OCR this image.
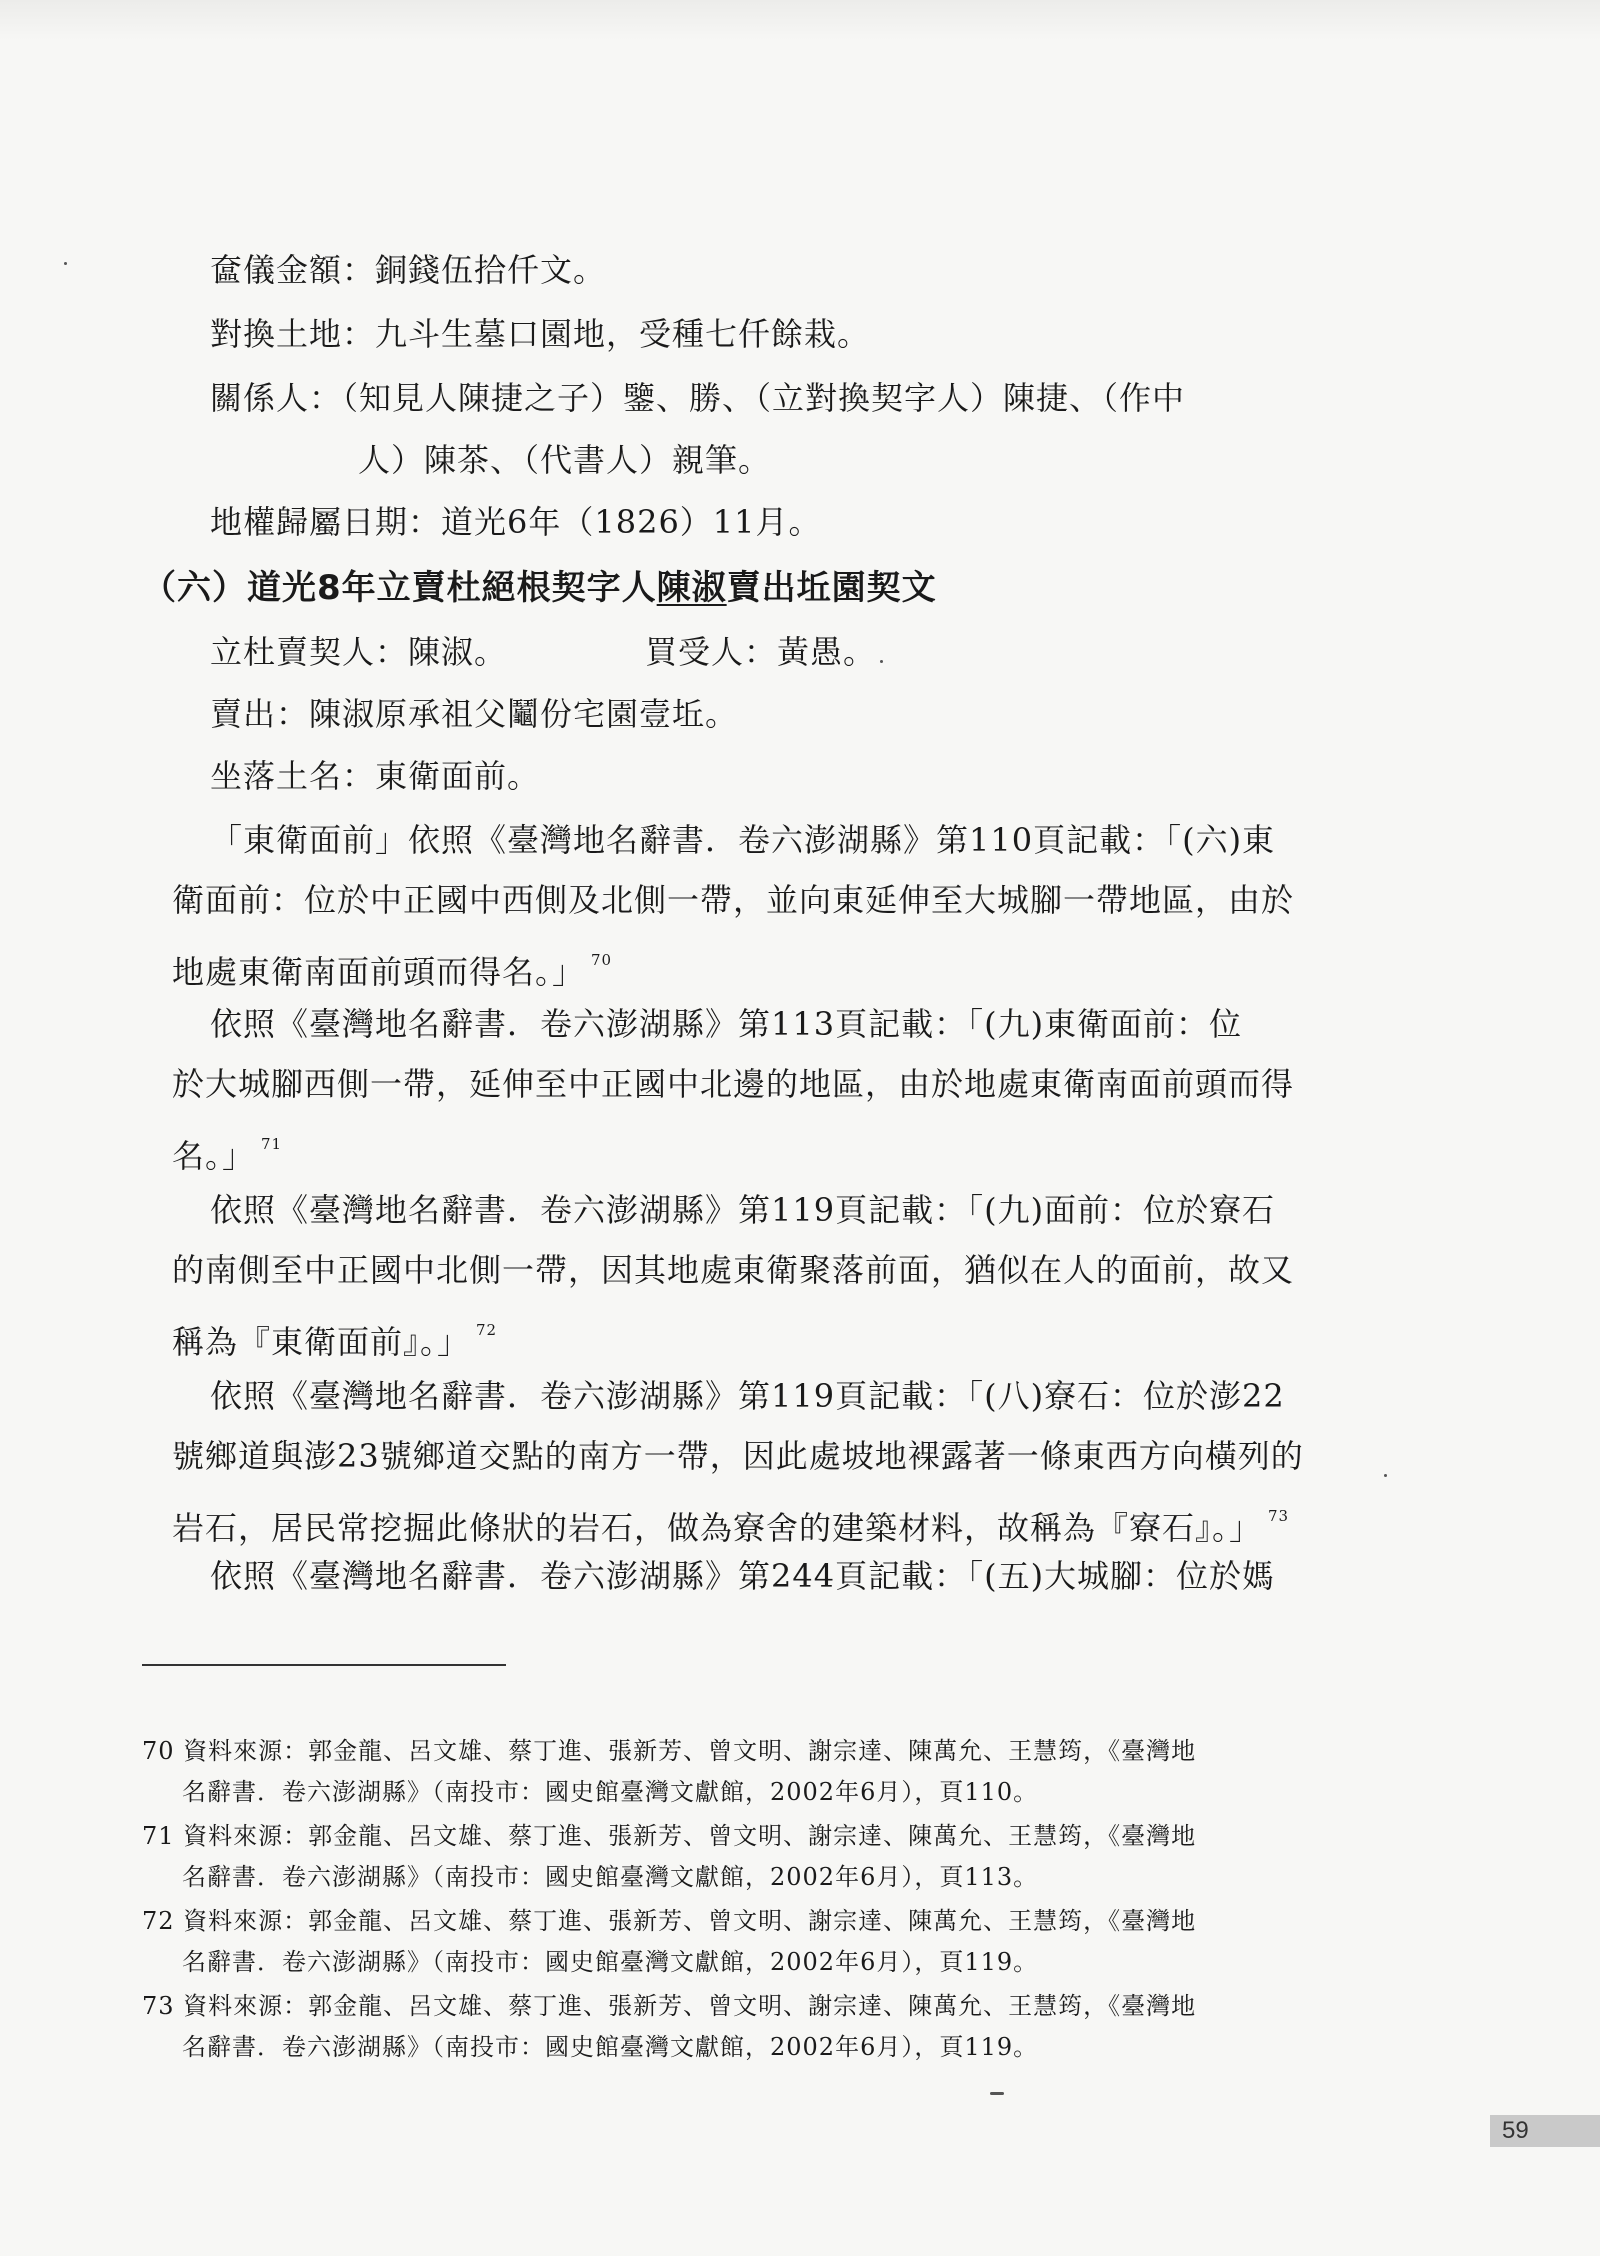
奩儀金額：銅錢伍拾仟文。
對換土地：九斗生墓口園地，受種七仟餘栽。
關係人：（知見人陳捷之子）鑒、勝、（立對換契字人）陳捷、（作中
人）陳茶、（代書人）親筆。
地權歸屬日期：道光6年（1826）11月。
（六）道光8年立賣杜絕根契字人陳淑賣出坵園契文
立杜賣契人：陳淑。	買受人：黃愚。
賣出：陳淑原承祖父鬮份宅園壹坵。
坐落土名：東衛面前。
「東衛面前」依照《臺灣地名辭書．卷六澎湖縣》第110頁記載：「(六)東
衛面前：位於中正國中西側及北側一帶，並向東延伸至大城腳一帶地區，由於
地處東衛南面前頭而得名。」 $^{70}$
依照《臺灣地名辭書．卷六澎湖縣》第113頁記載：「(九)東衛面前：位
於大城腳西側一帶，延伸至中正國中北邊的地區，由於地處東衛南面前頭而得
名。」 $^{71}$
依照《臺灣地名辭書．卷六澎湖縣》第119頁記載：「(九)面前：位於寮石
的南側至中正國中北側一帶，因其地處東衛聚落前面，猶似在人的面前，故又
稱為『東衛面前』。」 $^{72}$
依照《臺灣地名辭書．卷六澎湖縣》第119頁記載：「(八)寮石：位於澎22
號鄉道與澎23號鄉道交點的南方一帶，因此處坡地裸露著一條東西方向橫列的
岩石，居民常挖掘此條狀的岩石，做為寮舍的建築材料，故稱為『寮石』。」 $^{73}$
依照《臺灣地名辭書．卷六澎湖縣》第244頁記載：「(五)大城腳：位於媽
70 資料來源：郭金龍、呂文雄、蔡丁進、張新芳、曾文明、謝宗達、陳萬允、王慧筠，《臺灣地
名辭書．卷六澎湖縣》（南投市：國史館臺灣文獻館，2002年6月），頁110。
71 資料來源：郭金龍、呂文雄、蔡丁進、張新芳、曾文明、謝宗達、陳萬允、王慧筠，《臺灣地
名辭書．卷六澎湖縣》（南投市：國史館臺灣文獻館，2002年6月），頁113。
72 資料來源：郭金龍、呂文雄、蔡丁進、張新芳、曾文明、謝宗達、陳萬允、王慧筠，《臺灣地
名辭書．卷六澎湖縣》（南投市：國史館臺灣文獻館，2002年6月），頁119。
73 資料來源：郭金龍、呂文雄、蔡丁進、張新芳、曾文明、謝宗達、陳萬允、王慧筠，《臺灣地
名辭書．卷六澎湖縣》（南投市：國史館臺灣文獻館，2002年6月），頁119。
59
